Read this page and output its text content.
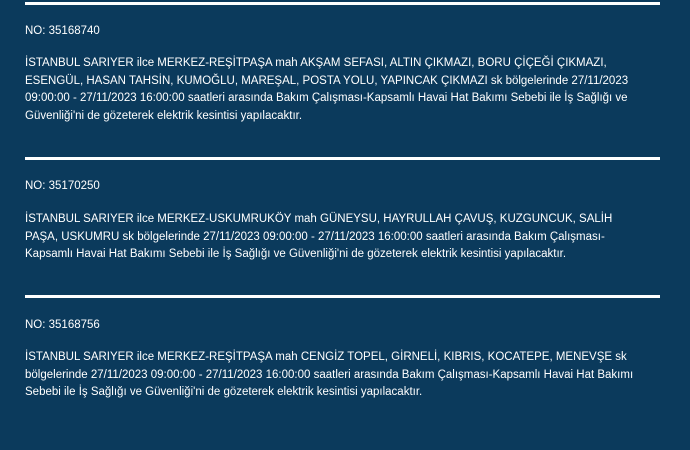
NO: 35168740
İSTANBUL SARIYER ilce MERKEZ-REŞİTPAŞA mah AKŞAM SEFASI, ALTIN ÇIKMAZI, BORU ÇİÇEĞİ ÇIKMAZI,
ESENGÜL, HASAN TAHSİN, KUMOĞLU, MAREŞAL, POSTA YOLU, YAPINCAK ÇIKMAZI sk bölgelerinde 27/11/2023
09:00:00 - 27/11/2023 16:00:00 saatleri arasında Bakım Çalışması-Kapsamlı Havai Hat Bakımı Sebebi ile İş Sağlığı ve
Güvenliği'ni de gözeterek elektrik kesintisi yapılacaktır.
NO: 35170250
İSTANBUL SARIYER ilce MERKEZ-USKUMRUKÖY mah GÜNEYSU, HAYRULLAH ÇAVUŞ, KUZGUNCUK, SALİH
PAŞA, USKUMRU sk bölgelerinde 27/11/2023 09:00:00 - 27/11/2023 16:00:00 saatleri arasında Bakım Çalışması-
Kapsamlı Havai Hat Bakımı Sebebi ile İş Sağlığı ve Güvenliği'ni de gözeterek elektrik kesintisi yapılacaktır.
NO: 35168756
İSTANBUL SARIYER ilce MERKEZ-REŞİTPAŞA mah CENGİZ TOPEL, GİRNELİ, KIBRIS, KOCATEPE, MENEVŞE sk
bölgelerinde 27/11/2023 09:00:00 - 27/11/2023 16:00:00 saatleri arasında Bakım Çalışması-Kapsamlı Havai Hat Bakımı
Sebebi ile İş Sağlığı ve Güvenliği'ni de gözeterek elektrik kesintisi yapılacaktır.
